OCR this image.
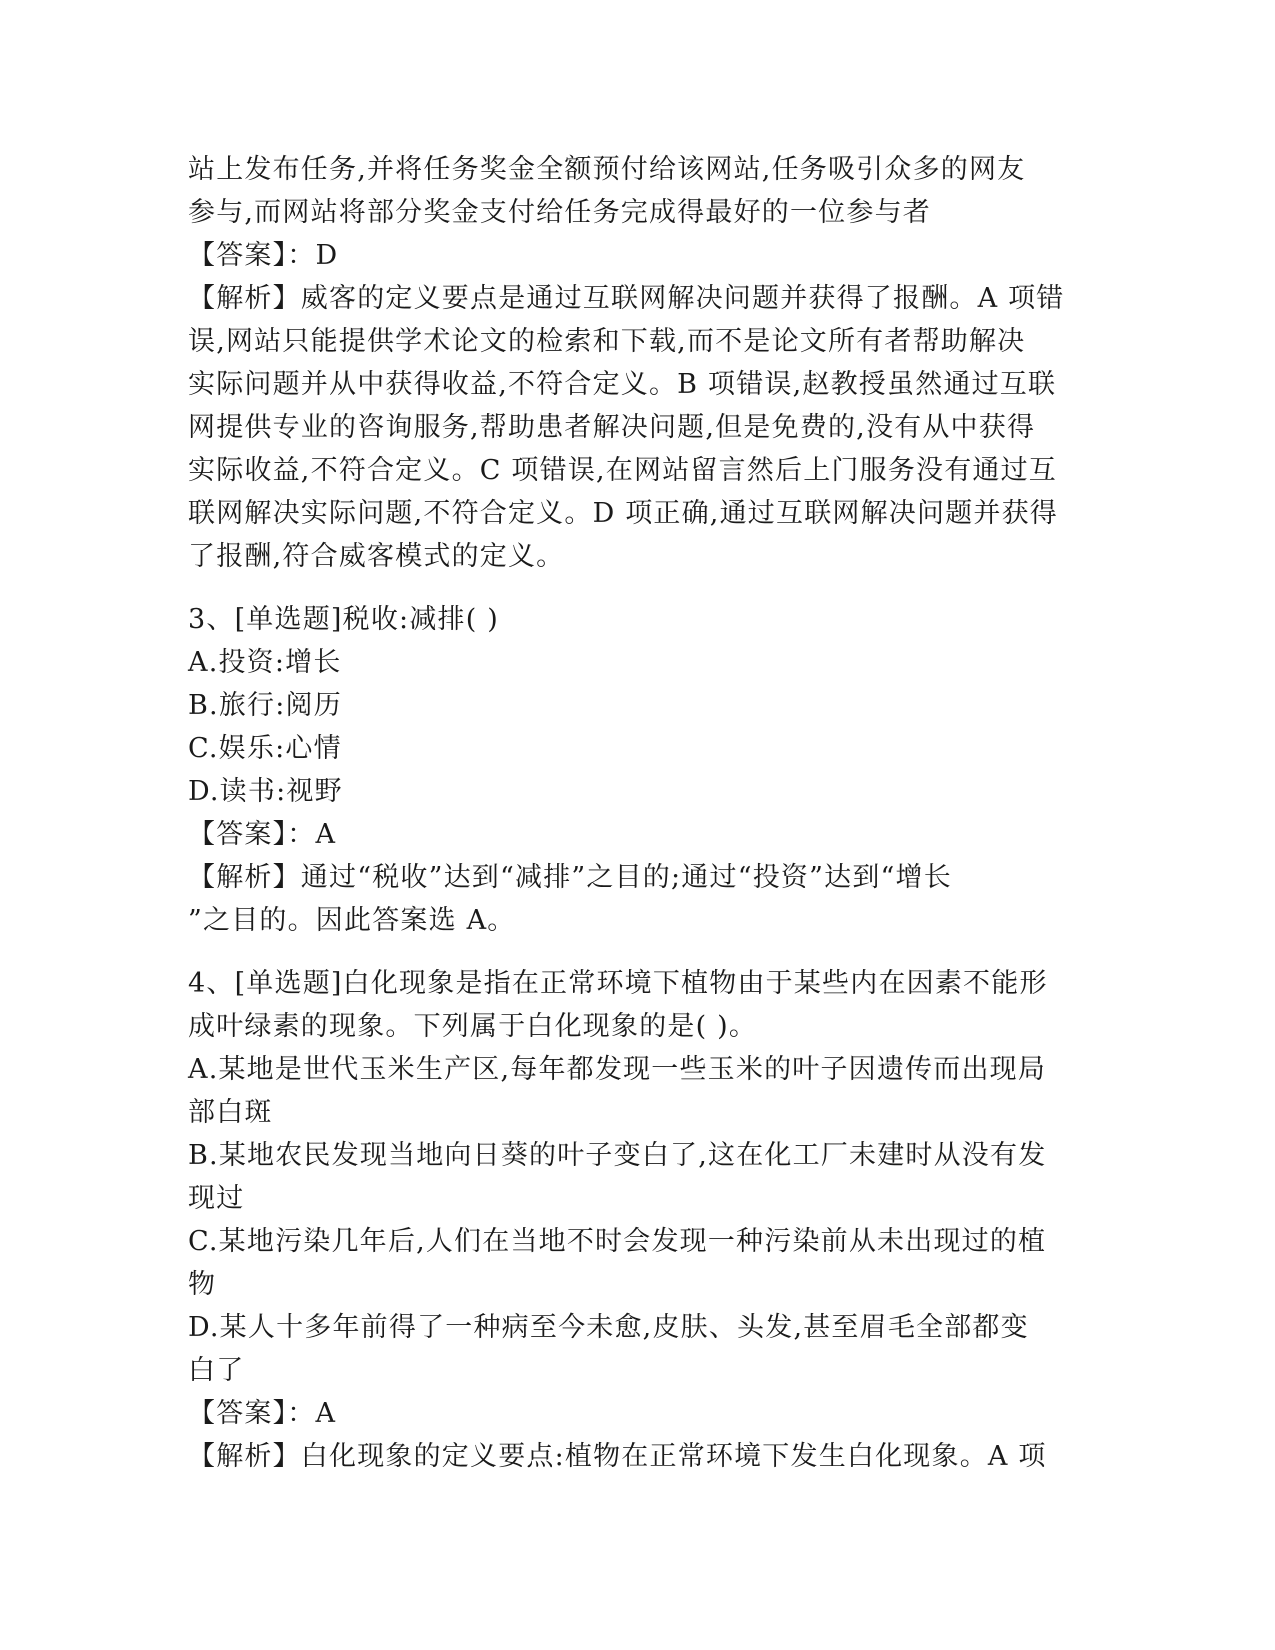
站上发布任务,并将任务奖金全额预付给该网站,任务吸引众多的网友
参与,而网站将部分奖金支付给任务完成得最好的一位参与者
【答案】：D
【解析】威客的定义要点是通过互联网解决问题并获得了报酬。A 项错
误,网站只能提供学术论文的检索和下载,而不是论文所有者帮助解决
实际问题并从中获得收益,不符合定义。B 项错误,赵教授虽然通过互联
网提供专业的咨询服务,帮助患者解决问题,但是免费的,没有从中获得
实际收益,不符合定义。C 项错误,在网站留言然后上门服务没有通过互
联网解决实际问题,不符合定义。D 项正确,通过互联网解决问题并获得
了报酬,符合威客模式的定义。
3、[单选题]税收:减排( )
A.投资:增长
B.旅行:阅历
C.娱乐:心情
D.读书:视野
【答案】：A
【解析】通过“税收”达到“减排”之目的;通过“投资”达到“增长
”之目的。因此答案选 A。
4、[单选题]白化现象是指在正常环境下植物由于某些内在因素不能形
成叶绿素的现象。下列属于白化现象的是( )。
A.某地是世代玉米生产区,每年都发现一些玉米的叶子因遗传而出现局
部白斑
B.某地农民发现当地向日葵的叶子变白了,这在化工厂未建时从没有发
现过
C.某地污染几年后,人们在当地不时会发现一种污染前从未出现过的植
物
D.某人十多年前得了一种病至今未愈,皮肤、头发,甚至眉毛全部都变
白了
【答案】：A
【解析】白化现象的定义要点:植物在正常环境下发生白化现象。A 项
